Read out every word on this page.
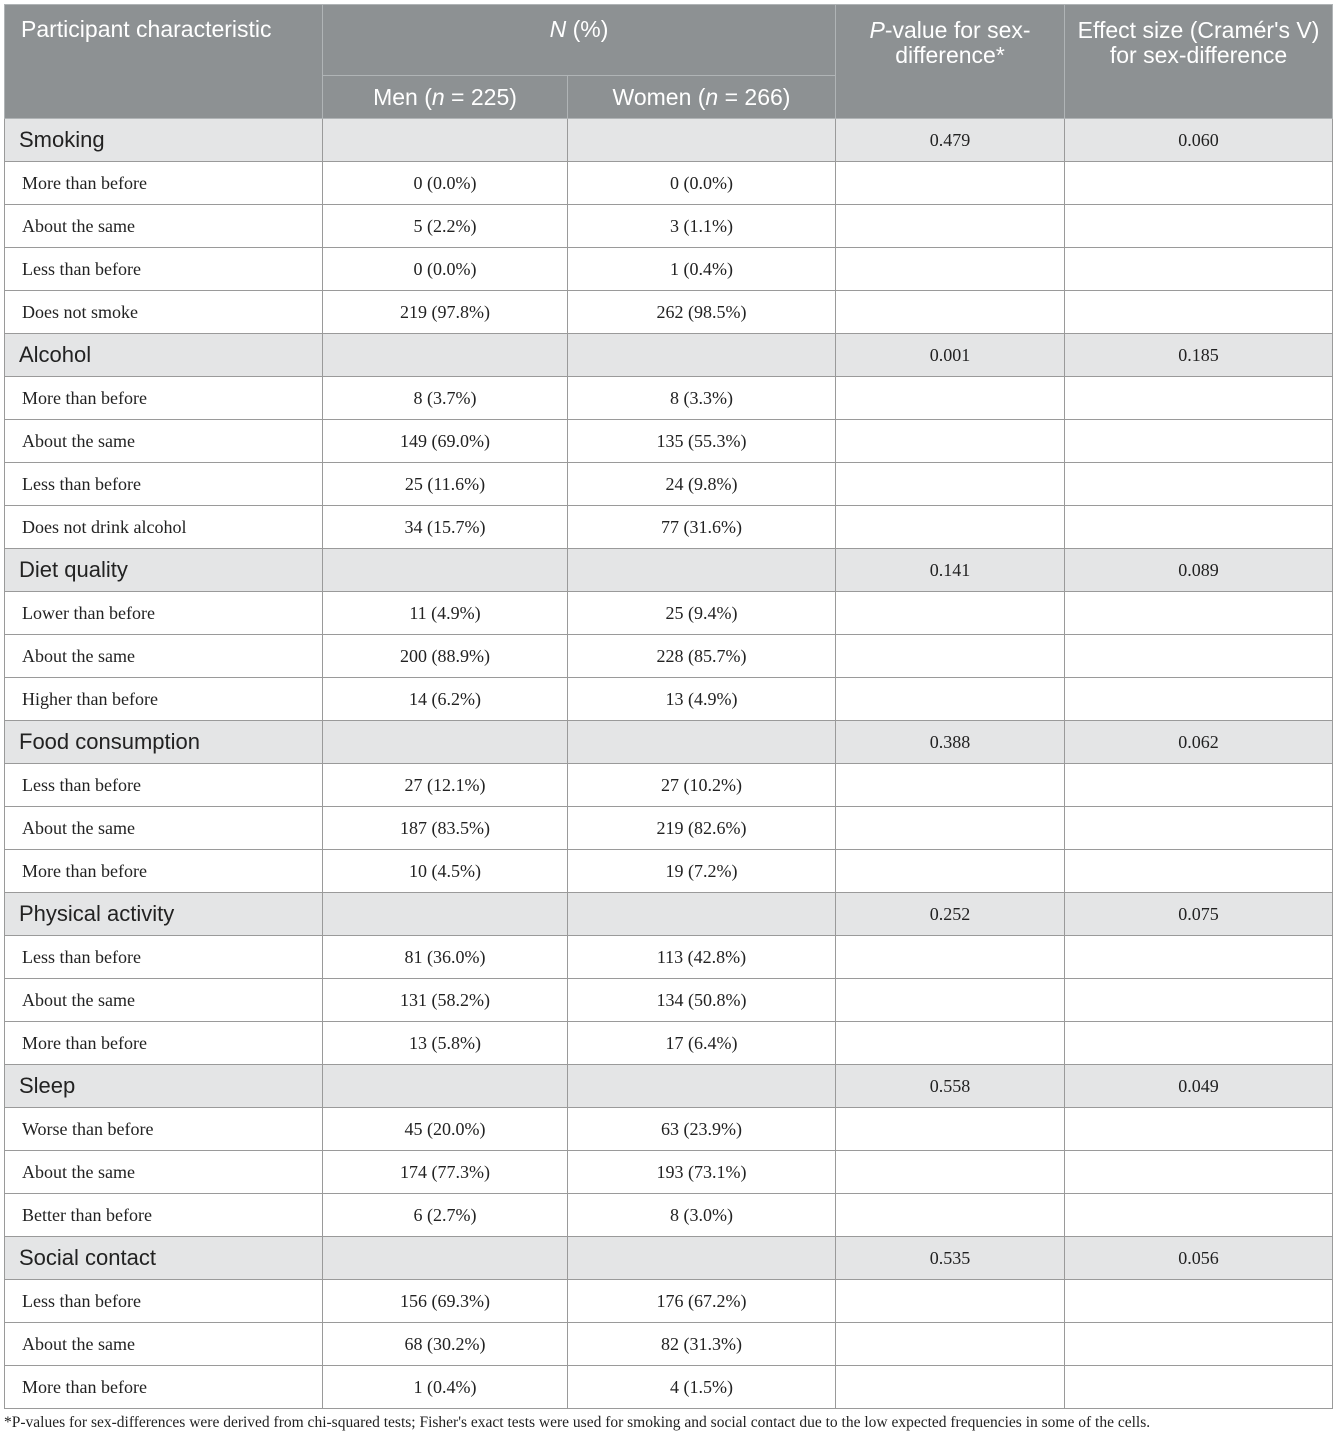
Participant characteristic	N (%)		P-value for sex-difference*	Effect size (Cramér's V) for sex-difference
	Men (n = 225)	Women (n = 266)		
Smoking			0.479	0.060
More than before	0 (0.0%)	0 (0.0%)		
About the same	5 (2.2%)	3 (1.1%)		
Less than before	0 (0.0%)	1 (0.4%)		
Does not smoke	219 (97.8%)	262 (98.5%)		
Alcohol			0.001	0.185
More than before	8 (3.7%)	8 (3.3%)		
About the same	149 (69.0%)	135 (55.3%)		
Less than before	25 (11.6%)	24 (9.8%)		
Does not drink alcohol	34 (15.7%)	77 (31.6%)		
Diet quality			0.141	0.089
Lower than before	11 (4.9%)	25 (9.4%)		
About the same	200 (88.9%)	228 (85.7%)		
Higher than before	14 (6.2%)	13 (4.9%)		
Food consumption			0.388	0.062
Less than before	27 (12.1%)	27 (10.2%)		
About the same	187 (83.5%)	219 (82.6%)		
More than before	10 (4.5%)	19 (7.2%)		
Physical activity			0.252	0.075
Less than before	81 (36.0%)	113 (42.8%)		
About the same	131 (58.2%)	134 (50.8%)		
More than before	13 (5.8%)	17 (6.4%)		
Sleep			0.558	0.049
Worse than before	45 (20.0%)	63 (23.9%)		
About the same	174 (77.3%)	193 (73.1%)		
Better than before	6 (2.7%)	8 (3.0%)		
Social contact			0.535	0.056
Less than before	156 (69.3%)	176 (67.2%)		
About the same	68 (30.2%)	82 (31.3%)		
More than before	1 (0.4%)	4 (1.5%)		
*P-values for sex-differences were derived from chi-squared tests; Fisher's exact tests were used for smoking and social contact due to the low expected frequencies in some of the cells.
